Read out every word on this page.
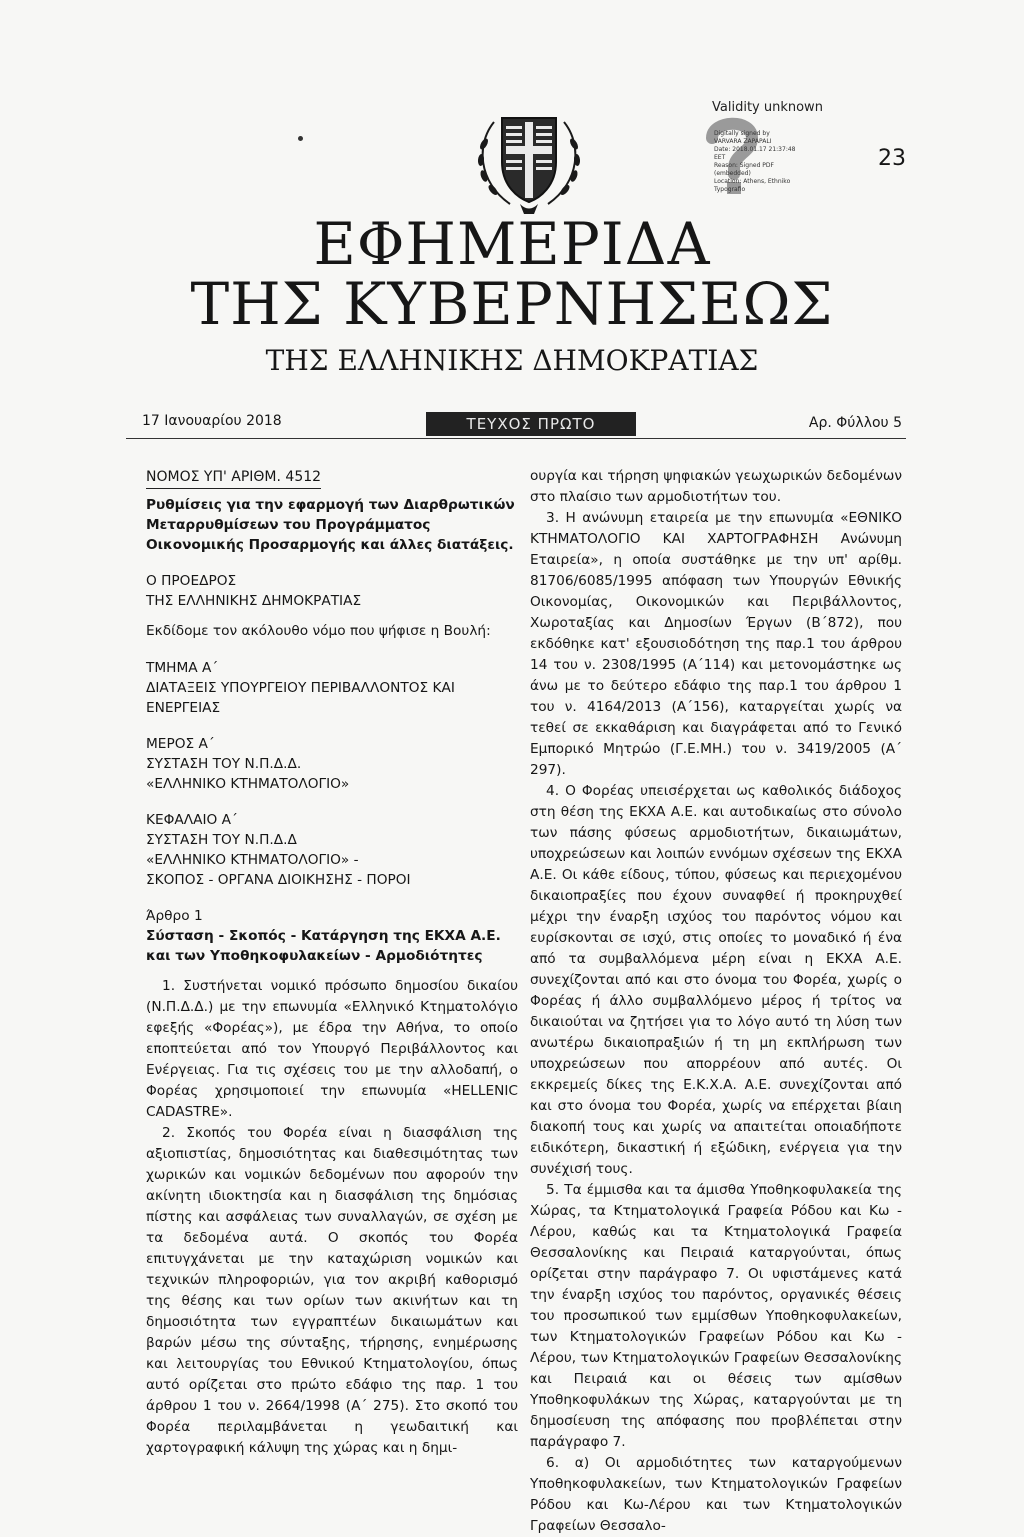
Validity unknown
Digitally signed by
VARVARA ZAPAPALI
Date: 2018.01.17 21:37:48
EET
Reason: Signed PDF
(embedded)
Location: Athens, Ethniko
Typografio
23
ΕΦΗΜΕΡΙΔΑ
ΤΗΣ ΚΥΒΕΡΝΗΣΕΩΣ
ΤΗΣ ΕΛΛΗΝΙΚΗΣ ΔΗΜΟΚΡΑΤΙΑΣ
17 Ιανουαρίου 2018	ΤΕΥΧΟΣ ΠΡΩΤΟ	Αρ. Φύλλου 5
ΝΟΜΟΣ ΥΠ' ΑΡΙΘΜ. 4512

Ρυθμίσεις για την εφαρμογή των Διαρθρωτικών Μεταρρυθμίσεων του Προγράμματος Οικονομικής Προσαρμογής και άλλες διατάξεις.

Ο ΠΡΟΕΔΡΟΣ

ΤΗΣ ΕΛΛΗΝΙΚΗΣ ΔΗΜΟΚΡΑΤΙΑΣ

Εκδίδομε τον ακόλουθο νόμο που ψήφισε η Βουλή:

ΤΜΗΜΑ Α΄

ΔΙΑΤΑΞΕΙΣ ΥΠΟΥΡΓΕΙΟΥ ΠΕΡΙΒΑΛΛΟΝΤΟΣ ΚΑΙ ΕΝΕΡΓΕΙΑΣ

ΜΕΡΟΣ Α΄

ΣΥΣΤΑΣΗ ΤΟΥ Ν.Π.Δ.Δ.

«ΕΛΛΗΝΙΚΟ ΚΤΗΜΑΤΟΛΟΓΙΟ»

ΚΕΦΑΛΑΙΟ Α΄

ΣΥΣΤΑΣΗ ΤΟΥ Ν.Π.Δ.Δ

«ΕΛΛΗΝΙΚΟ ΚΤΗΜΑΤΟΛΟΓΙΟ» -

ΣΚΟΠΟΣ - ΟΡΓΑΝΑ ΔΙΟΙΚΗΣΗΣ - ΠΟΡΟΙ

Άρθρο 1

Σύσταση - Σκοπός - Κατάργηση της ΕΚΧΑ Α.Ε. και των Υποθηκοφυλακείων - Αρμοδιότητες

1. Συστήνεται νομικό πρόσωπο δημοσίου δικαίου (Ν.Π.Δ.Δ.) με την επωνυμία «Ελληνικό Κτηματολόγιο εφεξής «Φορέας»), με έδρα την Αθήνα, το οποίο εποπτεύεται από τον Υπουργό Περιβάλλοντος και Ενέργειας. Για τις σχέσεις του με την αλλοδαπή, ο Φορέας χρησιμοποιεί την επωνυμία «HELLENIC CADASTRE».

2. Σκοπός του Φορέα είναι η διασφάλιση της αξιοπιστίας, δημοσιότητας και διαθεσιμότητας των χωρικών και νομικών δεδομένων που αφορούν την ακίνητη ιδιοκτησία και η διασφάλιση της δημόσιας πίστης και ασφάλειας των συναλλαγών, σε σχέση με τα δεδομένα αυτά. Ο σκοπός του Φορέα επιτυγχάνεται με την καταχώριση νομικών και τεχνικών πληροφοριών, για τον ακριβή καθορισμό της θέσης και των ορίων των ακινήτων και τη δημοσιότητα των εγγραπτέων δικαιωμάτων και βαρών μέσω της σύνταξης, τήρησης, ενημέρωσης και λειτουργίας του Εθνικού Κτηματολογίου, όπως αυτό ορίζεται στο πρώτο εδάφιο της παρ. 1 του άρθρου 1 του ν. 2664/1998 (Α΄ 275). Στο σκοπό του Φορέα περιλαμβάνεται η γεωδαιτική και χαρτογραφική κάλυψη της χώρας και η δημι-

ουργία και τήρηση ψηφιακών γεωχωρικών δεδομένων στο πλαίσιο των αρμοδιοτήτων του.

3. Η ανώνυμη εταιρεία με την επωνυμία «ΕΘΝΙΚΟ ΚΤΗΜΑΤΟΛΟΓΙΟ ΚΑΙ ΧΑΡΤΟΓΡΑΦΗΣΗ Ανώνυμη Εταιρεία», η οποία συστάθηκε με την υπ' αρίθμ. 81706/6085/1995 απόφαση των Υπουργών Εθνικής Οικονομίας, Οικονομικών και Περιβάλλοντος, Χωροταξίας και Δημοσίων Έργων (Β΄872), που εκδόθηκε κατ' εξουσιοδότηση της παρ.1 του άρθρου 14 του ν. 2308/1995 (Α΄114) και μετονομάστηκε ως άνω με το δεύτερο εδάφιο της παρ.1 του άρθρου 1 του ν. 4164/2013 (Α΄156), καταργείται χωρίς να τεθεί σε εκκαθάριση και διαγράφεται από το Γενικό Εμπορικό Μητρώο (Γ.Ε.ΜΗ.) του ν. 3419/2005 (Α΄ 297).

4. Ο Φορέας υπεισέρχεται ως καθολικός διάδοχος στη θέση της ΕΚΧΑ Α.Ε. και αυτοδικαίως στο σύνολο των πάσης φύσεως αρμοδιοτήτων, δικαιωμάτων, υποχρεώσεων και λοιπών εννόμων σχέσεων της ΕΚΧΑ Α.Ε. Οι κάθε είδους, τύπου, φύσεως και περιεχομένου δικαιοπραξίες που έχουν συναφθεί ή προκηρυχθεί μέχρι την έναρξη ισχύος του παρόντος νόμου και ευρίσκονται σε ισχύ, στις οποίες το μοναδικό ή ένα από τα συμβαλλόμενα μέρη είναι η ΕΚΧΑ Α.Ε. συνεχίζονται από και στο όνομα του Φορέα, χωρίς ο Φορέας ή άλλο συμβαλλόμενο μέρος ή τρίτος να δικαιούται να ζητήσει για το λόγο αυτό τη λύση των ανωτέρω δικαιοπραξιών ή τη μη εκπλήρωση των υποχρεώσεων που απορρέουν από αυτές. Οι εκκρεμείς δίκες της Ε.Κ.Χ.Α. Α.Ε. συνεχίζονται από και στο όνομα του Φορέα, χωρίς να επέρχεται βίαιη διακοπή τους και χωρίς να απαιτείται οποιαδήποτε ειδικότερη, δικαστική ή εξώδικη, ενέργεια για την συνέχισή τους.

5. Τα έμμισθα και τα άμισθα Υποθηκοφυλακεία της Χώρας, τα Κτηματολογικά Γραφεία Ρόδου και Κω - Λέρου, καθώς και τα Κτηματολογικά Γραφεία Θεσσαλονίκης και Πειραιά καταργούνται, όπως ορίζεται στην παράγραφο 7. Οι υφιστάμενες κατά την έναρξη ισχύος του παρόντος, οργανικές θέσεις του προσωπικού των εμμίσθων Υποθηκοφυλακείων, των Κτηματολογικών Γραφείων Ρόδου και Κω - Λέρου, των Κτηματολογικών Γραφείων Θεσσαλονίκης και Πειραιά και οι θέσεις των αμίσθων Υποθηκοφυλάκων της Χώρας, καταργούνται με τη δημοσίευση της απόφασης που προβλέπεται στην παράγραφο 7.

6. α) Οι αρμοδιότητες των καταργούμενων Υποθηκοφυλακείων, των Κτηματολογικών Γραφείων Ρόδου και Κω-Λέρου και των Κτηματολογικών Γραφείων Θεσσαλο-
